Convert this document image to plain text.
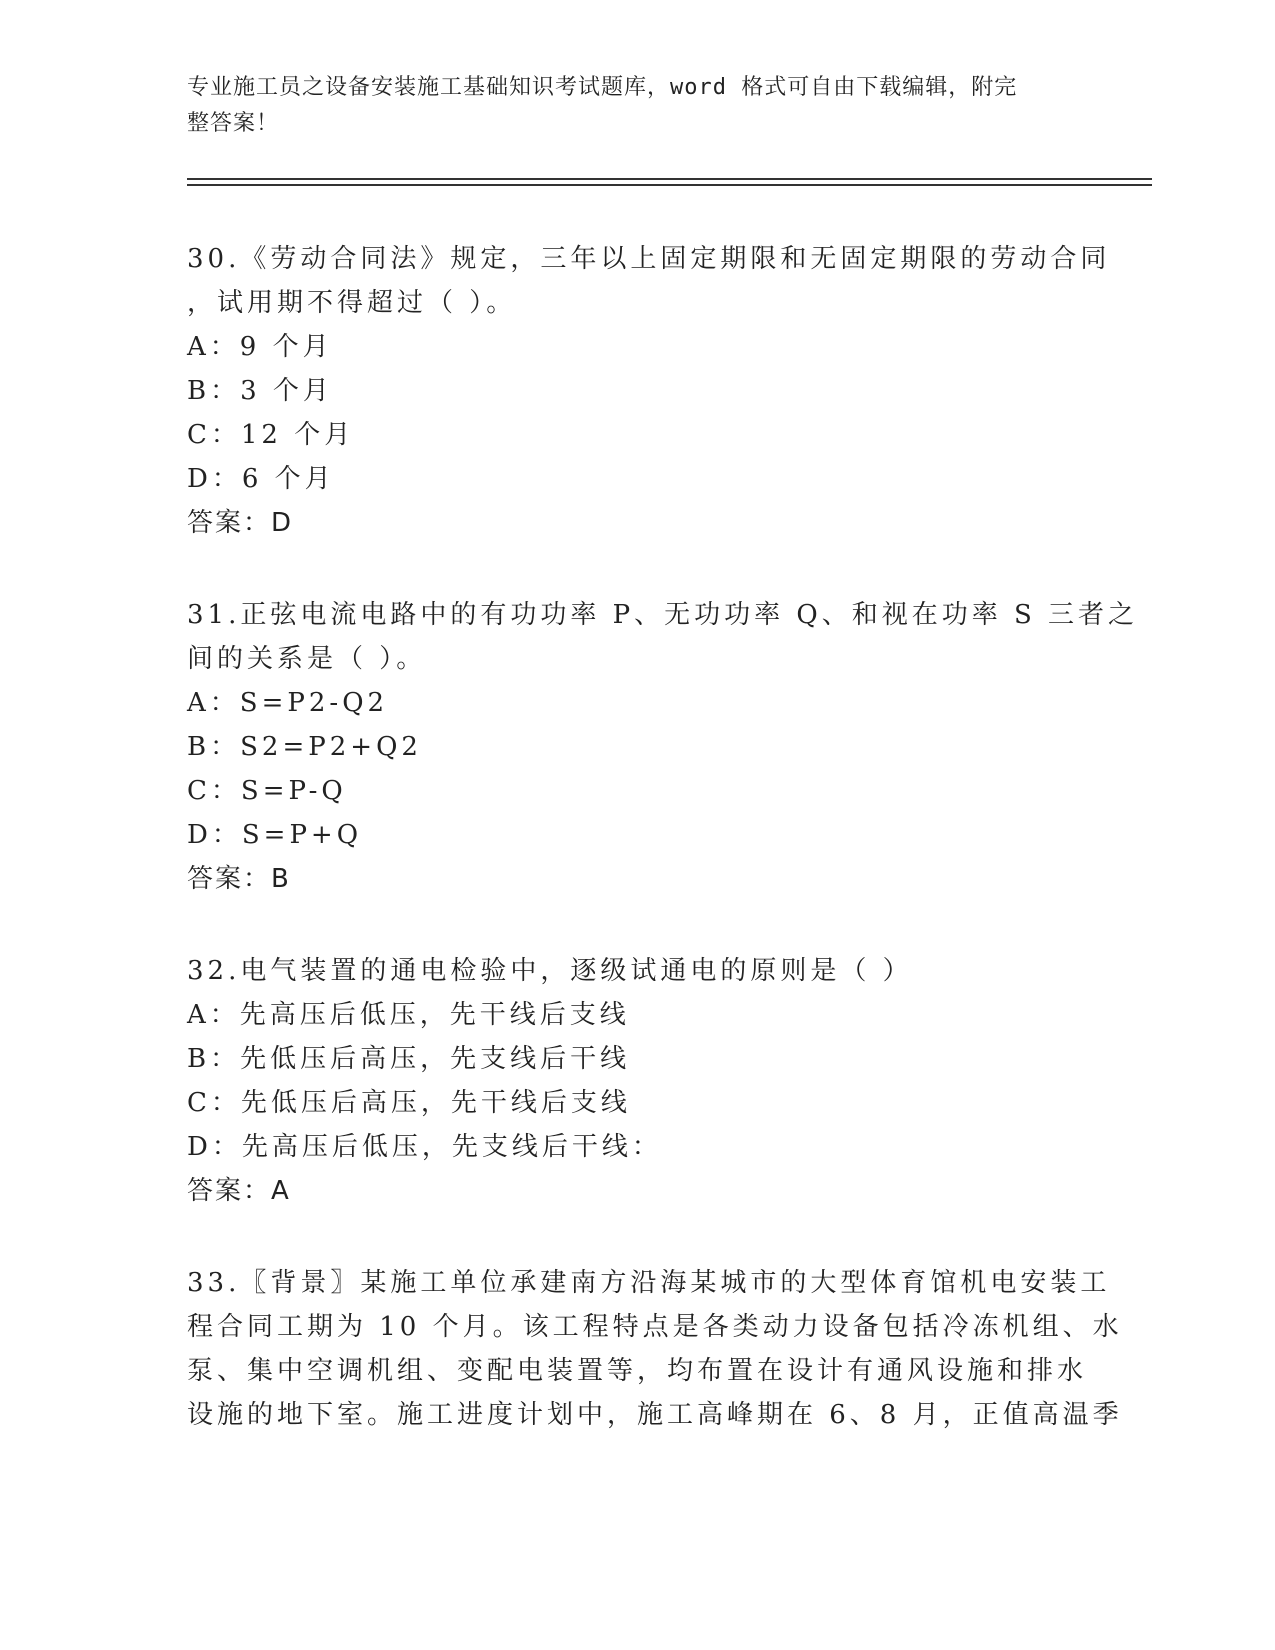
专业施工员之设备安装施工基础知识考试题库，word 格式可自由下载编辑，附完
整答案！
30.《劳动合同法》规定，三年以上固定期限和无固定期限的劳动合同
，试用期不得超过（ ）。
A：9 个月
B：3 个月
C：12 个月
D：6 个月
答案：D
31.正弦电流电路中的有功功率 P、无功功率 Q、和视在功率 S 三者之
间的关系是（ ）。
A：S=P2-Q2
B：S2=P2+Q2
C：S=P-Q
D：S=P+Q
答案：B
32.电气装置的通电检验中，逐级试通电的原则是（ ）
A：先高压后低压，先干线后支线
B：先低压后高压，先支线后干线
C：先低压后高压，先干线后支线
D：先高压后低压，先支线后干线：
答案：A
33.〖背景〗某施工单位承建南方沿海某城市的大型体育馆机电安装工
程合同工期为 10 个月。该工程特点是各类动力设备包括冷冻机组、水
泵、集中空调机组、变配电装置等，均布置在设计有通风设施和排水
设施的地下室。施工进度计划中，施工高峰期在 6、8 月，正值高温季
